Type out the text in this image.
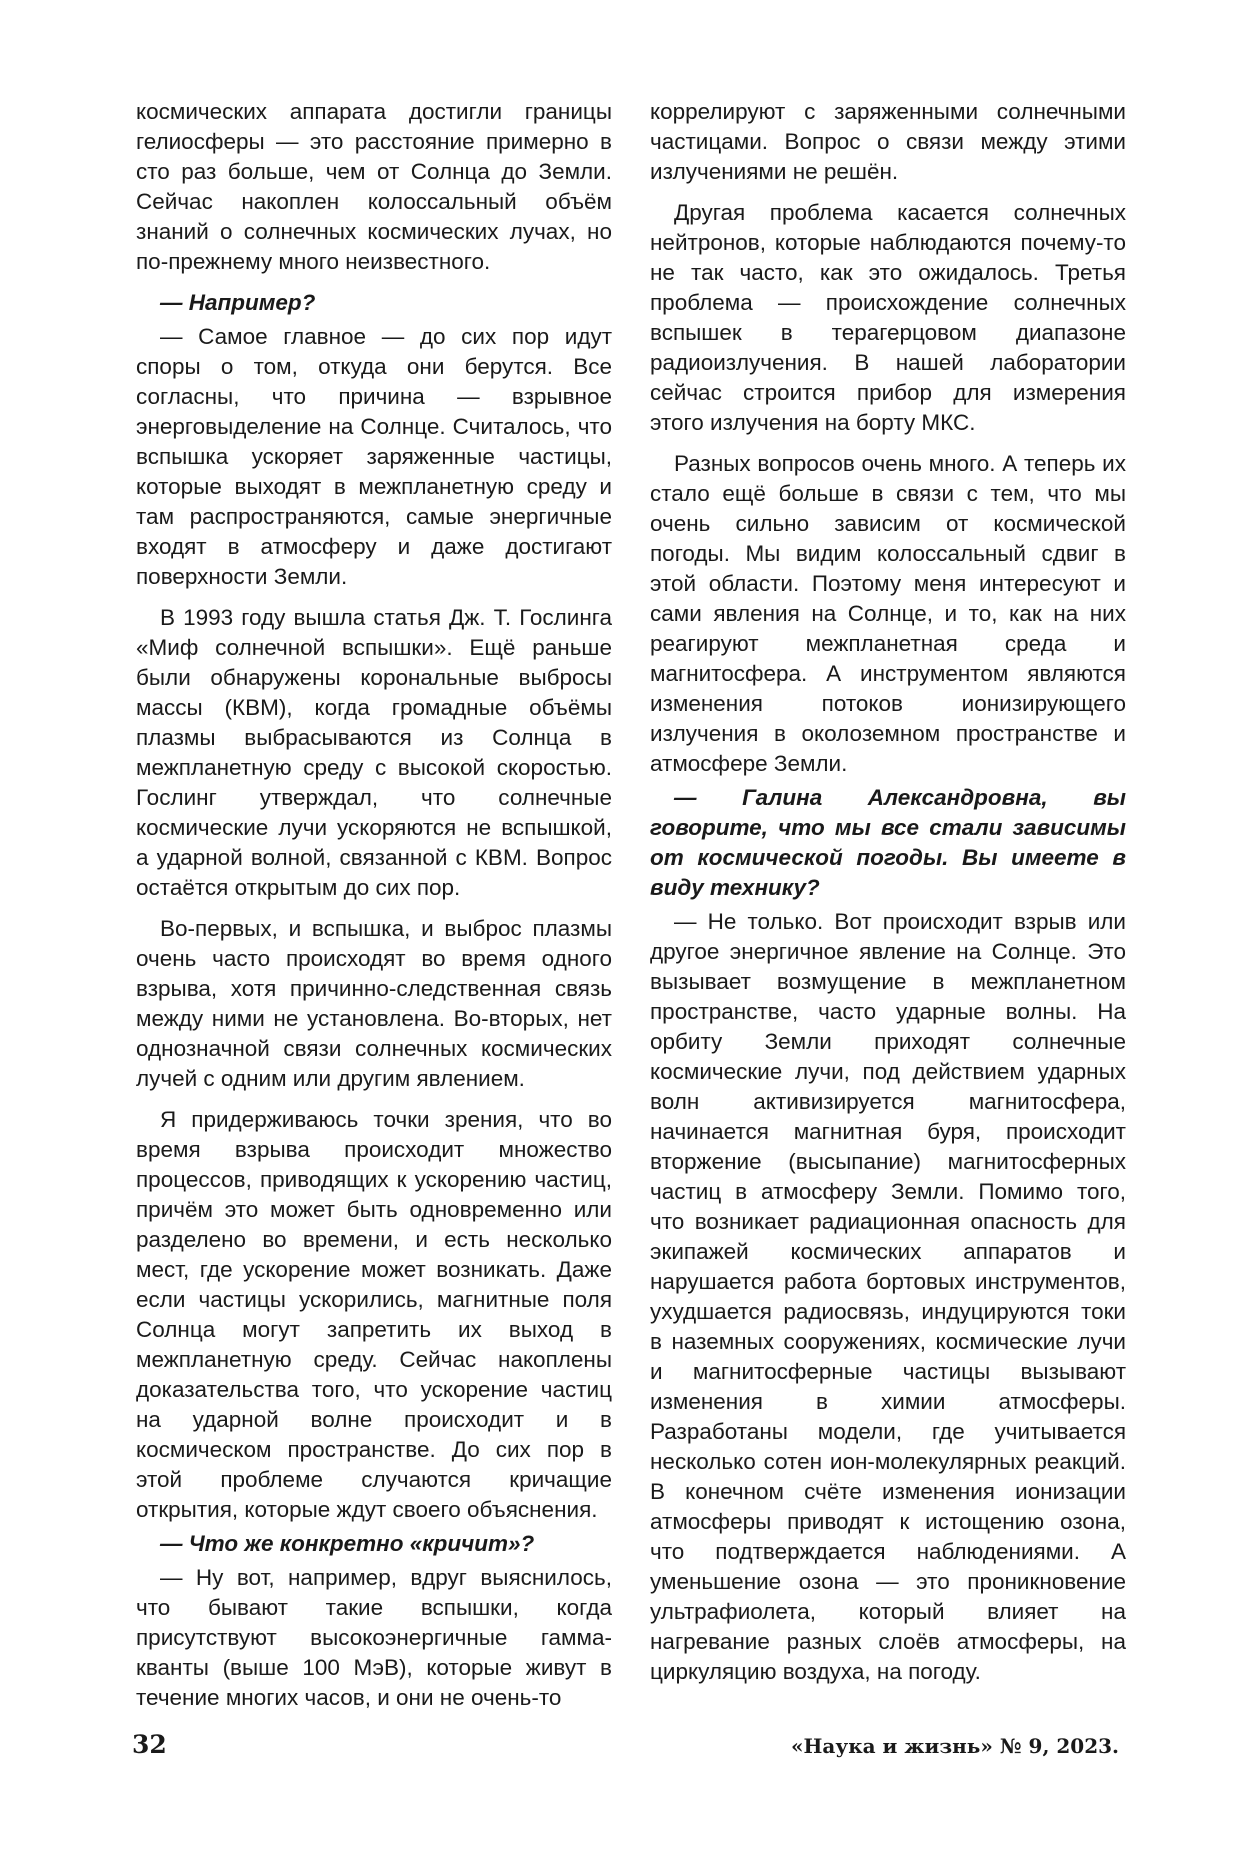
космических аппарата достигли границы гелиосферы — это расстояние примерно в сто раз больше, чем от Солнца до Земли. Сейчас накоплен колоссальный объём знаний о солнечных космических лучах, но по-прежнему много неизвестного.

— Например?

— Самое главное — до сих пор идут споры о том, откуда они берутся. Все согласны, что причина — взрывное энерговыделение на Солнце. Считалось, что вспышка ускоряет заряженные частицы, которые выходят в межпланетную среду и там распространяются, самые энергичные входят в атмосферу и даже достигают поверхности Земли.

В 1993 году вышла статья Дж. Т. Гослинга «Миф солнечной вспышки». Ещё раньше были обнаружены корональные выбросы массы (КВМ), когда громадные объёмы плазмы выбрасываются из Солнца в межпланетную среду с высокой скоростью. Гослинг утверждал, что солнечные космические лучи ускоряются не вспышкой, а ударной волной, связанной с КВМ. Вопрос остаётся открытым до сих пор.

Во-первых, и вспышка, и выброс плазмы очень часто происходят во время одного взрыва, хотя причинно-следственная связь между ними не установлена. Во-вторых, нет однозначной связи солнечных космических лучей с одним или другим явлением.

Я придерживаюсь точки зрения, что во время взрыва происходит множество процессов, приводящих к ускорению частиц, причём это может быть одновременно или разделено во времени, и есть несколько мест, где ускорение может возникать. Даже если частицы ускорились, магнитные поля Солнца могут запретить их выход в межпланетную среду. Сейчас накоплены доказательства того, что ускорение частиц на ударной волне происходит и в космическом пространстве. До сих пор в этой проблеме случаются кричащие открытия, которые ждут своего объяснения.

— Что же конкретно «кричит»?

— Ну вот, например, вдруг выяснилось, что бывают такие вспышки, когда присутствуют высокоэнергичные гамма-кванты (выше 100 МэВ), которые живут в течение многих часов, и они не очень-то

коррелируют с заряженными солнечными частицами. Вопрос о связи между этими излучениями не решён.

Другая проблема касается солнечных нейтронов, которые наблюдаются почему-то не так часто, как это ожидалось. Третья проблема — происхождение солнечных вспышек в терагерцовом диапазоне радиоизлучения. В нашей лаборатории сейчас строится прибор для измерения этого излучения на борту МКС.

Разных вопросов очень много. А теперь их стало ещё больше в связи с тем, что мы очень сильно зависим от космической погоды. Мы видим колоссальный сдвиг в этой области. Поэтому меня интересуют и сами явления на Солнце, и то, как на них реагируют межпланетная среда и магнитосфера. А инструментом являются изменения потоков ионизирующего излучения в околоземном пространстве и атмосфере Земли.

— Галина Александровна, вы говорите, что мы все стали зависимы от космической погоды. Вы имеете в виду технику?

— Не только. Вот происходит взрыв или другое энергичное явление на Солнце. Это вызывает возмущение в межпланетном пространстве, часто ударные волны. На орбиту Земли приходят солнечные космические лучи, под действием ударных волн активизируется магнитосфера, начинается магнитная буря, происходит вторжение (высыпание) магнитосферных частиц в атмосферу Земли. Помимо того, что возникает радиационная опасность для экипажей космических аппаратов и нарушается работа бортовых инструментов, ухудшается радиосвязь, индуцируются токи в наземных сооружениях, космические лучи и магнитосферные частицы вызывают изменения в химии атмосферы. Разработаны модели, где учитывается несколько сотен ион-молекулярных реакций. В конечном счёте изменения ионизации атмосферы приводят к истощению озона, что подтверждается наблюдениями. А уменьшение озона — это проникновение ультрафиолета, который влияет на нагревание разных слоёв атмосферы, на циркуляцию воздуха, на погоду.

32	«Наука и жизнь» № 9, 2023.
